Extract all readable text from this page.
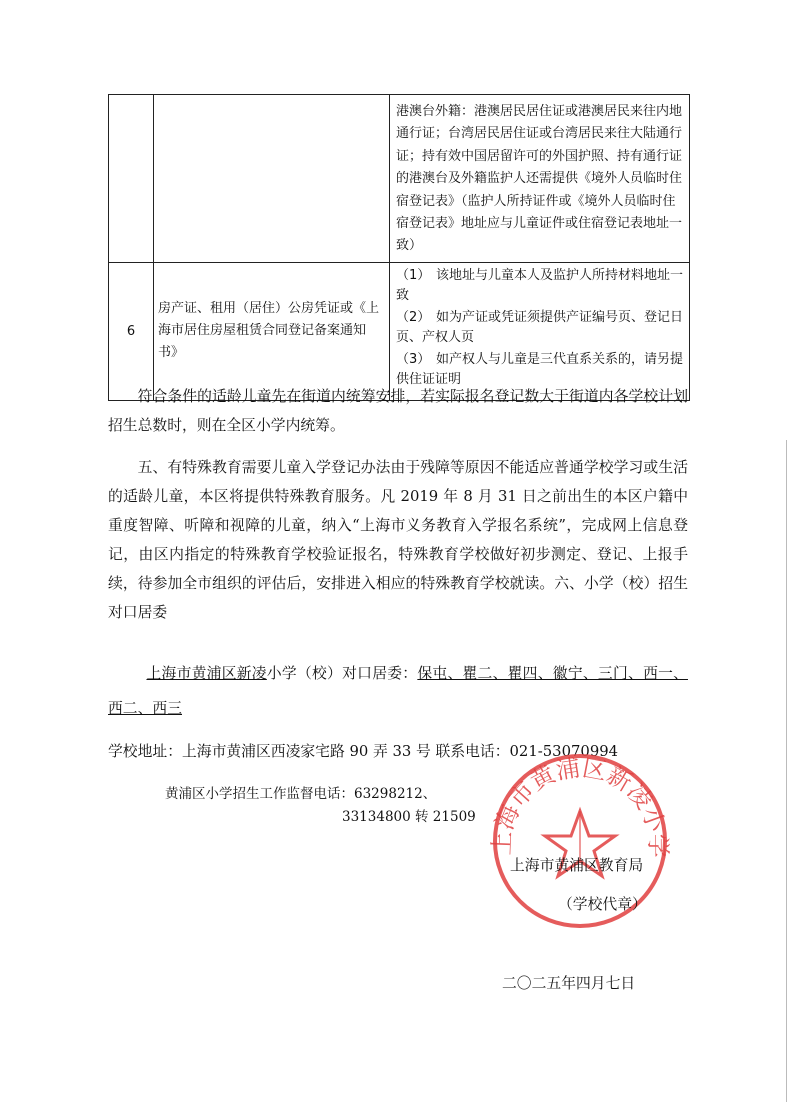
		港澳台外籍：港澳居民居住证或港澳居民来往内地通行证；台湾居民居住证或台湾居民来往大陆通行证；持有效中国居留许可的外国护照、持有通行证的港澳台及外籍监护人还需提供《境外人员临时住宿登记表》（监护人所持证件或《境外人员临时住宿登记表》地址应与儿童证件或住宿登记表地址一致）
6	房产证、租用（居住）公房凭证或《上海市居住房屋租赁合同登记备案通知书》	（1） 该地址与儿童本人及监护人所持材料地址一致
（2） 如为产证或凭证须提供产证编号页、登记日页、产权人页
（3） 如产权人与儿童是三代直系关系的，请另提供住证证明
符合条件的适龄儿童先在街道内统筹安排，若实际报名登记数大于街道内各学校计划招生总数时，则在全区小学内统筹。
五、有特殊教育需要儿童入学登记办法由于残障等原因不能适应普通学校学习或生活的适龄儿童，本区将提供特殊教育服务。凡 2019 年 8 月 31 日之前出生的本区户籍中重度智障、听障和视障的儿童，纳入“上海市义务教育入学报名系统”，完成网上信息登记，由区内指定的特殊教育学校验证报名，特殊教育学校做好初步测定、登记、上报手续，待参加全市组织的评估后，安排进入相应的特殊教育学校就读。六、小学（校）招生对口居委
上海市黄浦区新凌小学（校）对口居委：保屯、瞿二、瞿四、徽宁、三门、西一、西二、西三
学校地址：上海市黄浦区西凌家宅路 90 弄 33 号 联系电话：021-53070994
黄浦区小学招生工作监督电话：63298212、
33134800 转 21509
上海市黄浦区新凌小学
上海市黄浦区教育局
（学校代章）
二〇二五年四月七日
